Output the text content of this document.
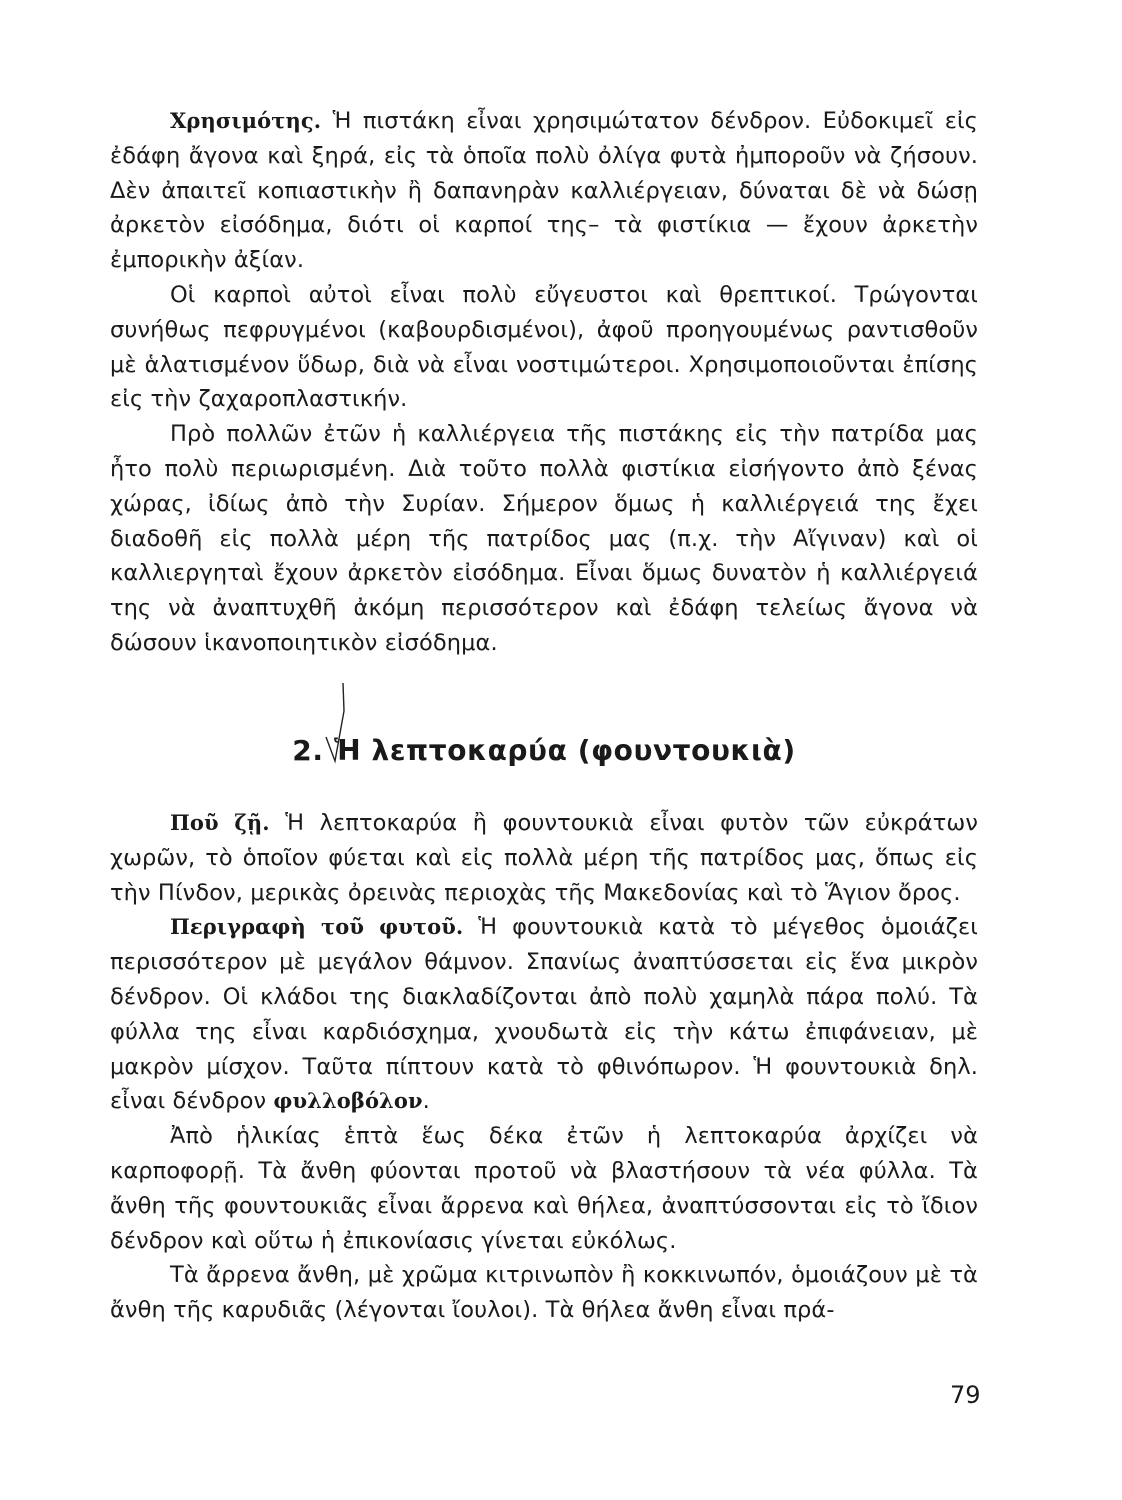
Χρησιμότης. Ἡ πιστάκη εἶναι χρησιμώτατον δένδρον. Εὐδοκιμεῖ εἰς ἐδάφη ἄγονα καὶ ξηρά, εἰς τὰ ὁποῖα πολὺ ὀλίγα φυτὰ ἠμποροῦν νὰ ζήσουν. Δὲν ἀπαιτεῖ κοπιαστικὴν ἢ δαπανηρὰν καλλιέργειαν, δύναται δὲ νὰ δώσῃ ἀρκετὸν εἰσόδημα, διότι οἱ καρποί της– τὰ φιστίκια — ἔχουν ἀρκετὴν ἐμπορικὴν ἀξίαν.

Οἱ καρποὶ αὐτοὶ εἶναι πολὺ εὔγευστοι καὶ θρεπτικοί. Τρώγονται συνήθως πεφρυγμένοι (καβουρδισμένοι), ἀφοῦ προηγουμένως ραντισθοῦν μὲ ἁλατισμένον ὕδωρ, διὰ νὰ εἶναι νοστιμώτεροι. Χρησιμοποιοῦνται ἐπίσης εἰς τὴν ζαχαροπλαστικήν.

Πρὸ πολλῶν ἐτῶν ἡ καλλιέργεια τῆς πιστάκης εἰς τὴν πατρίδα μας ἦτο πολὺ περιωρισμένη. Διὰ τοῦτο πολλὰ φιστίκια εἰσήγοντο ἀπὸ ξένας χώρας, ἰδίως ἀπὸ τὴν Συρίαν. Σήμερον ὅμως ἡ καλλιέργειά της ἔχει διαδοθῆ εἰς πολλὰ μέρη τῆς πατρίδος μας (π.χ. τὴν Αἴγιναν) καὶ οἱ καλλιεργηταὶ ἔχουν ἀρκετὸν εἰσόδημα. Εἶναι ὅμως δυνατὸν ἡ καλλιέργειά της νὰ ἀναπτυχθῆ ἀκόμη περισσότερον καὶ ἐδάφη τελείως ἄγονα νὰ δώσουν ἱκανοποιητικὸν εἰσόδημα.

2. Ἡ λεπτοκαρύα (φουντουκιὰ)

Ποῦ ζῇ. Ἡ λεπτοκαρύα ἢ φουντουκιὰ εἶναι φυτὸν τῶν εὐκράτων χωρῶν, τὸ ὁποῖον φύεται καὶ εἰς πολλὰ μέρη τῆς πατρίδος μας, ὅπως εἰς τὴν Πίνδον, μερικὰς ὀρεινὰς περιοχὰς τῆς Μακεδονίας καὶ τὸ Ἅγιον ὄρος.

Περιγραφὴ τοῦ φυτοῦ. Ἡ φουντουκιὰ κατὰ τὸ μέγεθος ὁμοιάζει περισσότερον μὲ μεγάλον θάμνον. Σπανίως ἀναπτύσσεται εἰς ἕνα μικρὸν δένδρον. Οἱ κλάδοι της διακλαδίζονται ἀπὸ πολὺ χαμηλὰ πάρα πολύ. Τὰ φύλλα της εἶναι καρδιόσχημα, χνουδωτὰ εἰς τὴν κάτω ἐπιφάνειαν, μὲ μακρὸν μίσχον. Ταῦτα πίπτουν κατὰ τὸ φθινόπωρον. Ἡ φουντουκιὰ δηλ. εἶναι δένδρον φυλλοβόλον.

Ἀπὸ ἡλικίας ἑπτὰ ἕως δέκα ἐτῶν ἡ λεπτοκαρύα ἀρχίζει νὰ καρποφορῇ. Τὰ ἄνθη φύονται προτοῦ νὰ βλαστήσουν τὰ νέα φύλλα. Τὰ ἄνθη τῆς φουντουκιᾶς εἶναι ἄρρενα καὶ θήλεα, ἀναπτύσσονται εἰς τὸ ἴδιον δένδρον καὶ οὕτω ἡ ἐπικονίασις γίνεται εὐκόλως.

Τὰ ἄρρενα ἄνθη, μὲ χρῶμα κιτρινωπὸν ἢ κοκκινωπόν, ὁμοιάζουν μὲ τὰ ἄνθη τῆς καρυδιᾶς (λέγονται ἴουλοι). Τὰ θήλεα ἄνθη εἶναι πρά-

79
